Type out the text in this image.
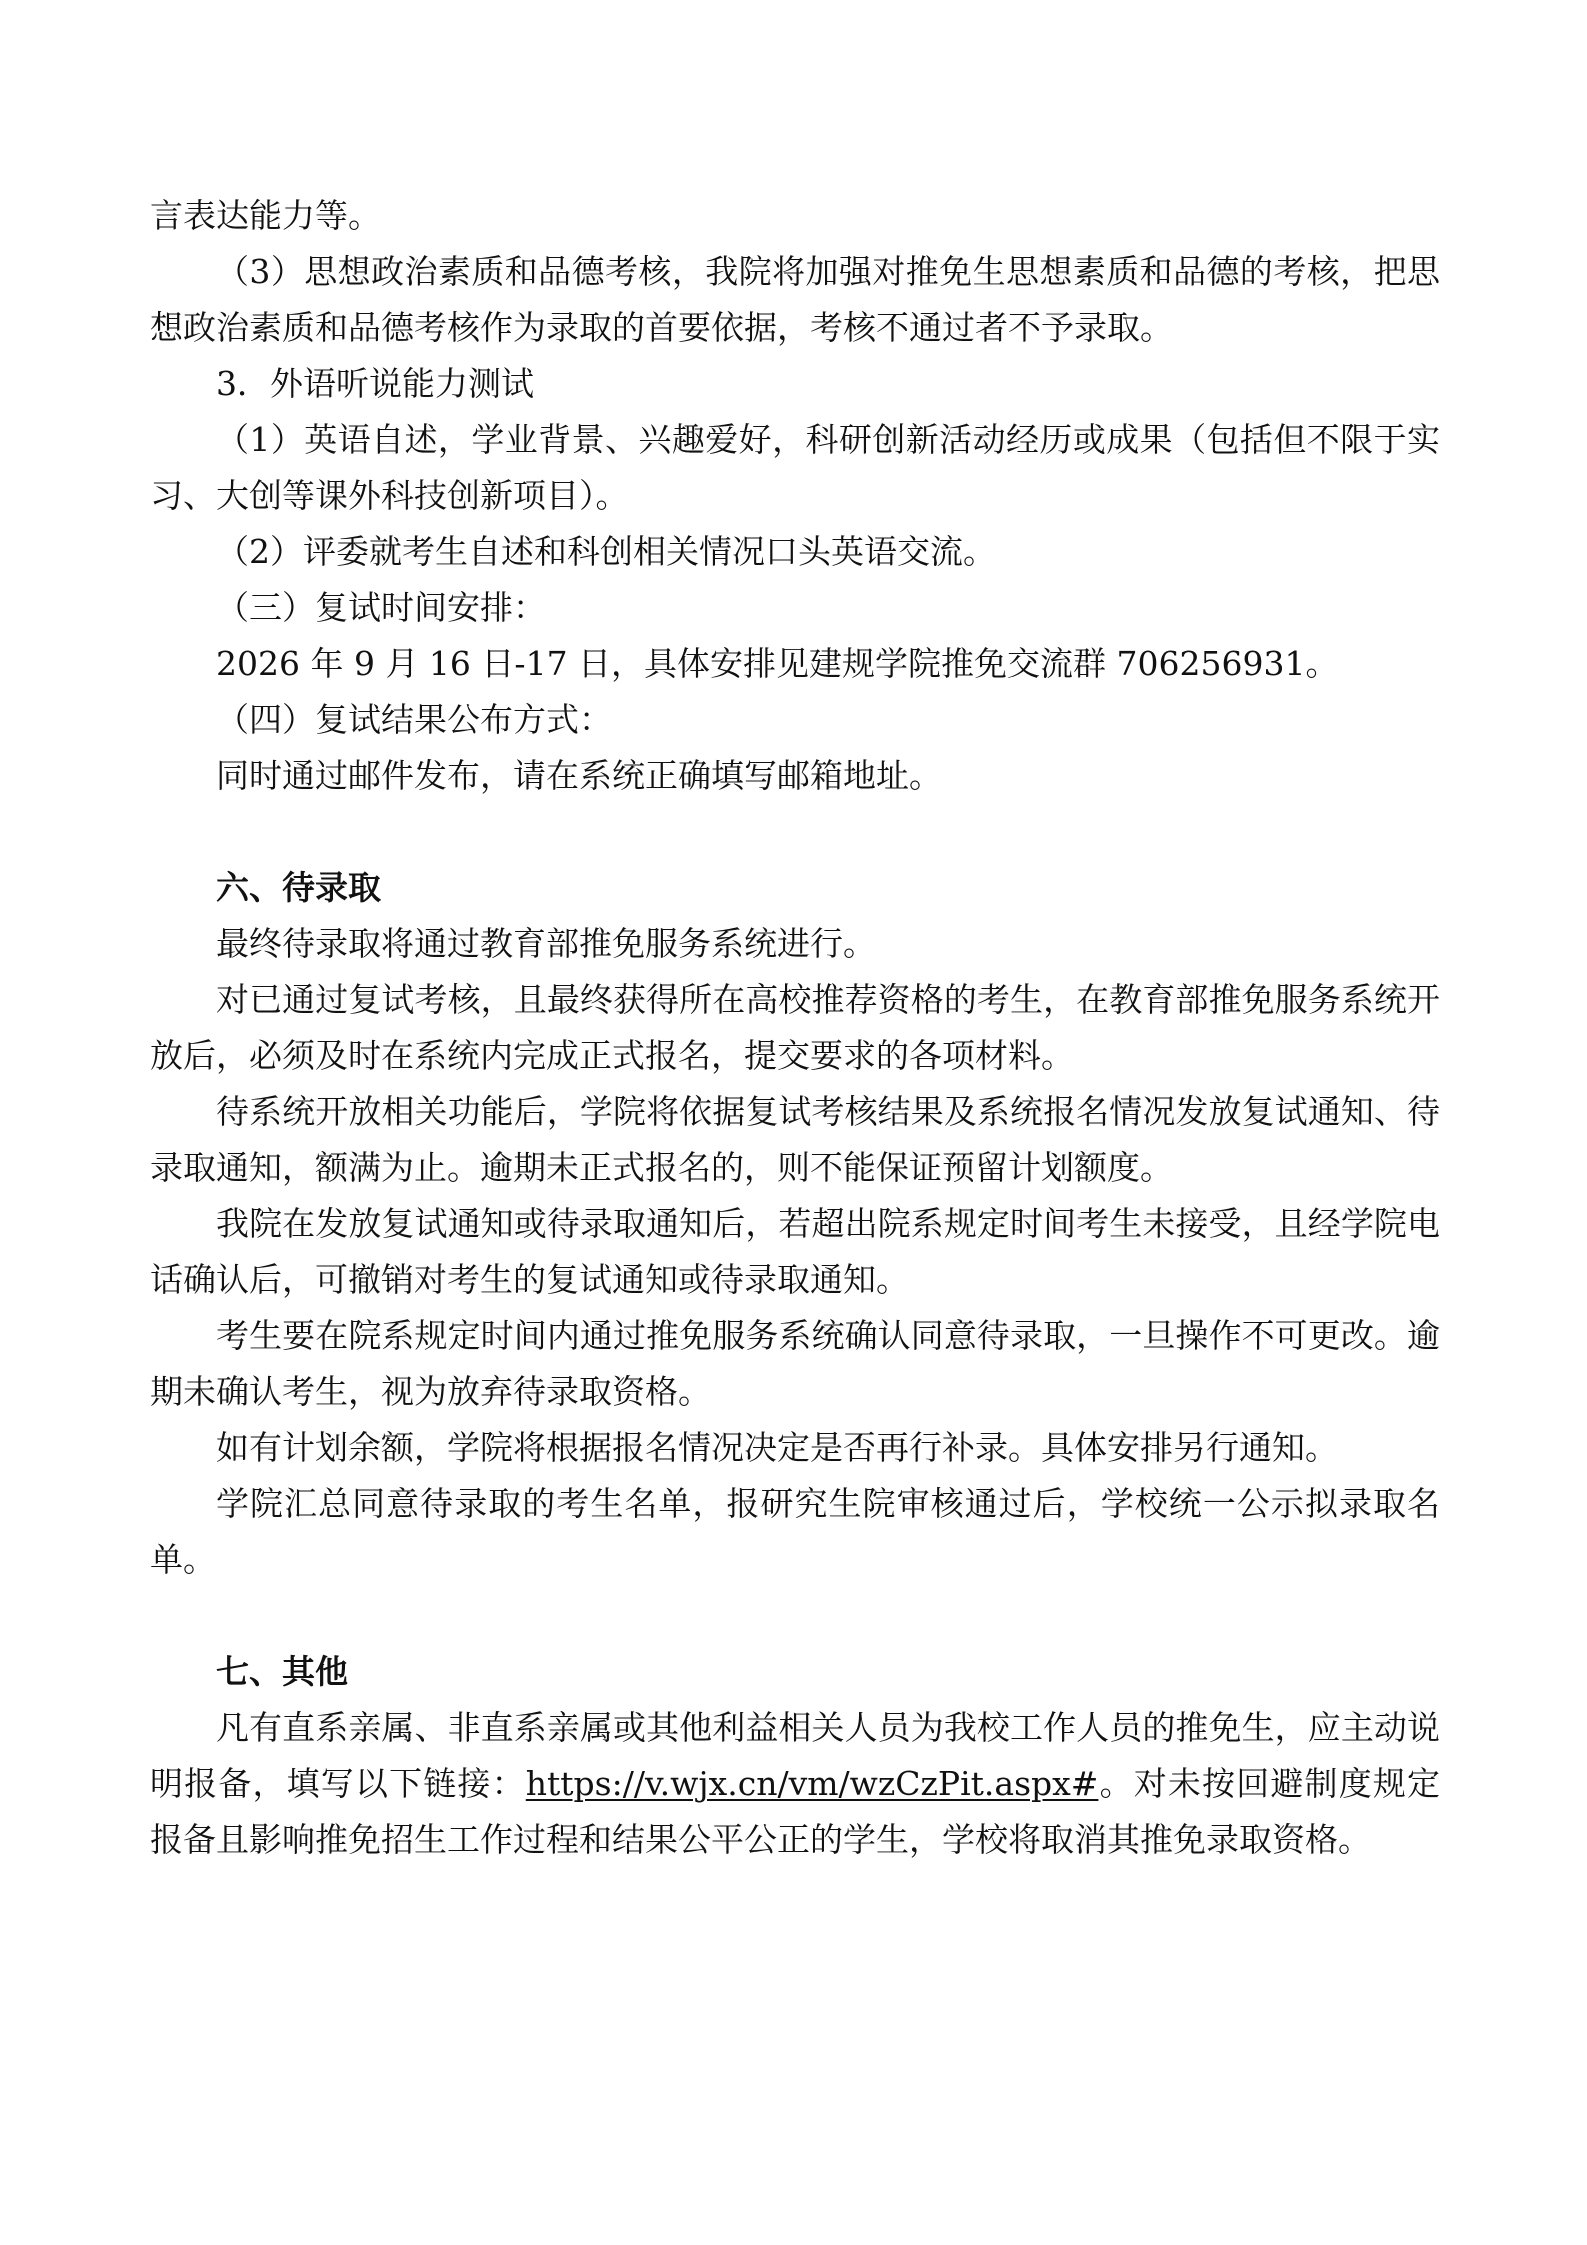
言表达能力等。

（3）思想政治素质和品德考核，我院将加强对推免生思想素质和品德的考核，把思想政治素质和品德考核作为录取的首要依据，考核不通过者不予录取。

3．外语听说能力测试

（1）英语自述，学业背景、兴趣爱好，科研创新活动经历或成果（包括但不限于实习、大创等课外科技创新项目）。

（2）评委就考生自述和科创相关情况口头英语交流。

（三）复试时间安排：

2026 年 9 月 16 日-17 日，具体安排见建规学院推免交流群 706256931。

（四）复试结果公布方式：

同时通过邮件发布，请在系统正确填写邮箱地址。

六、待录取

最终待录取将通过教育部推免服务系统进行。

对已通过复试考核，且最终获得所在高校推荐资格的考生，在教育部推免服务系统开放后，必须及时在系统内完成正式报名，提交要求的各项材料。

待系统开放相关功能后，学院将依据复试考核结果及系统报名情况发放复试通知、待录取通知，额满为止。逾期未正式报名的，则不能保证预留计划额度。

我院在发放复试通知或待录取通知后，若超出院系规定时间考生未接受，且经学院电话确认后，可撤销对考生的复试通知或待录取通知。

考生要在院系规定时间内通过推免服务系统确认同意待录取，一旦操作不可更改。逾期未确认考生，视为放弃待录取资格。

如有计划余额，学院将根据报名情况决定是否再行补录。具体安排另行通知。

学院汇总同意待录取的考生名单，报研究生院审核通过后，学校统一公示拟录取名单。

七、其他

凡有直系亲属、非直系亲属或其他利益相关人员为我校工作人员的推免生，应主动说明报备，填写以下链接：https://v.wjx.cn/vm/wzCzPit.aspx#。对未按回避制度规定报备且影响推免招生工作过程和结果公平公正的学生，学校将取消其推免录取资格。
